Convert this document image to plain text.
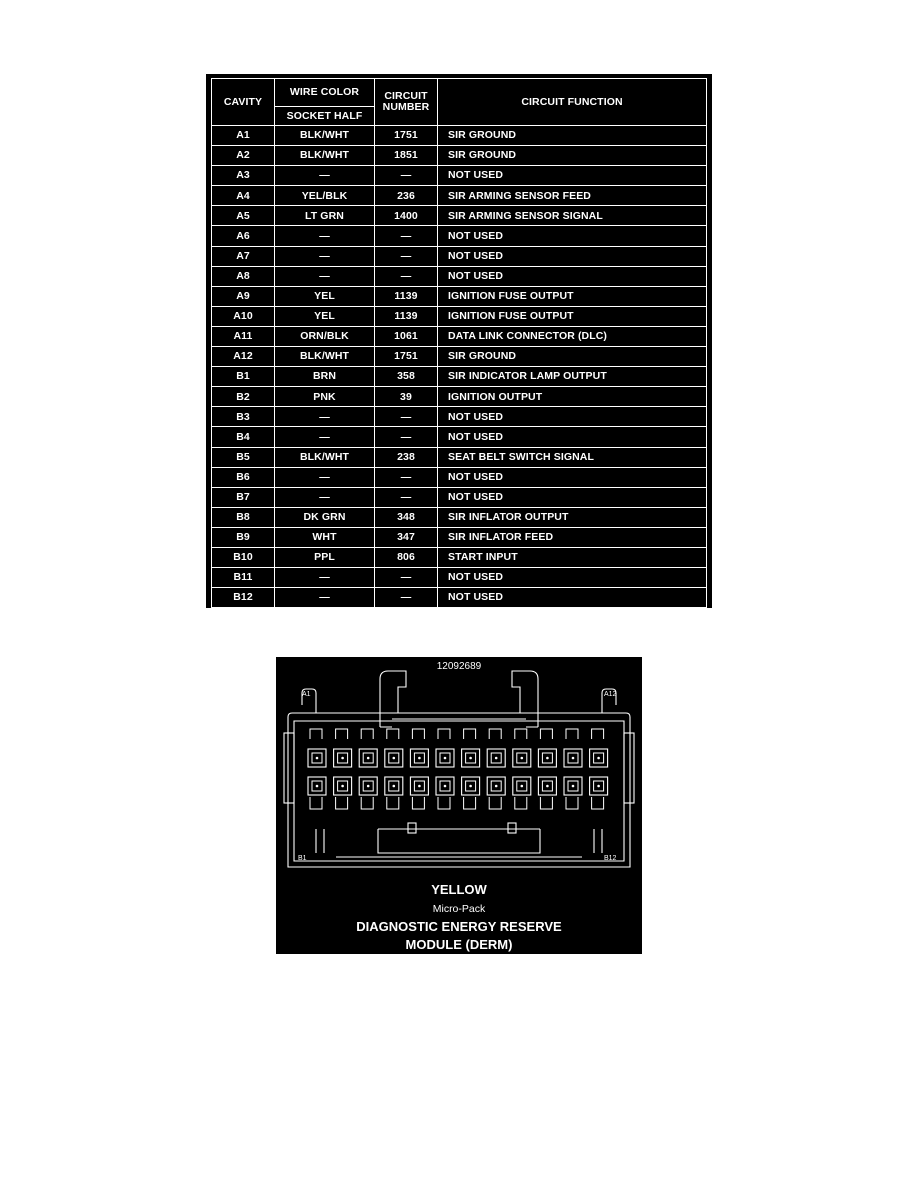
CAVITY	WIRE COLOR	CIRCUIT NUMBER	CIRCUIT FUNCTION
	SOCKET HALF		
A1	BLK/WHT	1751	SIR GROUND
A2	BLK/WHT	1851	SIR GROUND
A3	—	—	NOT USED
A4	YEL/BLK	236	SIR ARMING SENSOR FEED
A5	LT GRN	1400	SIR ARMING SENSOR SIGNAL
A6	—	—	NOT USED
A7	—	—	NOT USED
A8	—	—	NOT USED
A9	YEL	1139	IGNITION FUSE OUTPUT
A10	YEL	1139	IGNITION FUSE OUTPUT
A11	ORN/BLK	1061	DATA LINK CONNECTOR (DLC)
A12	BLK/WHT	1751	SIR GROUND
B1	BRN	358	SIR INDICATOR LAMP OUTPUT
B2	PNK	39	IGNITION OUTPUT
B3	—	—	NOT USED
B4	—	—	NOT USED
B5	BLK/WHT	238	SEAT BELT SWITCH SIGNAL
B6	—	—	NOT USED
B7	—	—	NOT USED
B8	DK GRN	348	SIR INFLATOR OUTPUT
B9	WHT	347	SIR INFLATOR FEED
B10	PPL	806	START INPUT
B11	—	—	NOT USED
B12	—	—	NOT USED
12092689
A1	A12
B1	B12
YELLOW
Micro-Pack
DIAGNOSTIC ENERGY RESERVE
MODULE (DERM)
